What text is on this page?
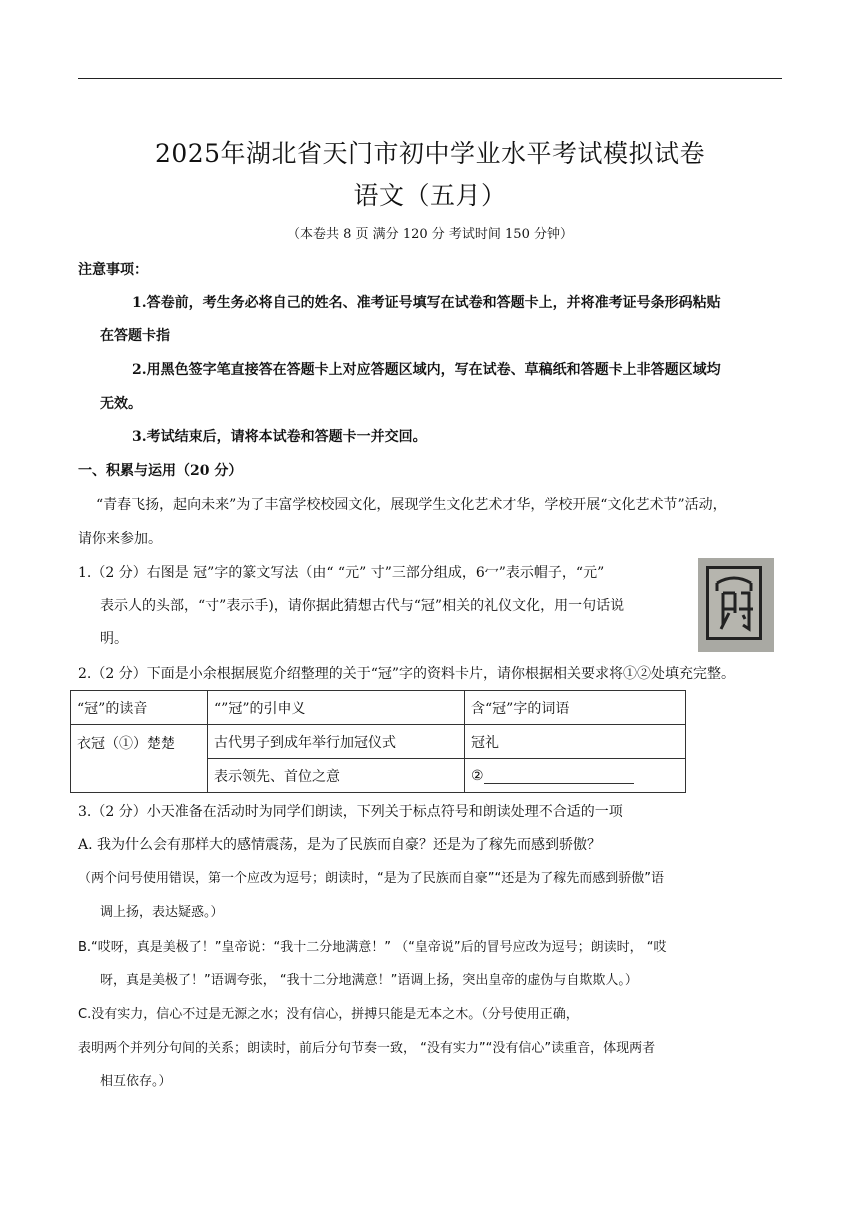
2025年湖北省天门市初中学业水平考试模拟试卷
语文（五月）
（本卷共 8 页 满分 120 分 考试时间 150 分钟）
注意事项：
1.答卷前，考生务必将自己的姓名、准考证号填写在试卷和答题卡上，并将准考证号条形码粘贴
在答题卡指
2.用黑色签字笔直接答在答题卡上对应答题区域内，写在试卷、草稿纸和答题卡上非答题区域均
无效。
3.考试结束后，请将本试卷和答题卡一并交回。
一、积累与运用（20 分）
“青春飞扬，起向未来”为了丰富学校校园文化，展现学生文化艺术才华，学校开展“文化艺术节”活动，
请你来参加。
1.（2 分）右图是 冠”字的篆文写法（由“ “元” 寸”三部分组成，6⼍”表示帽子，“元”
表示人的头部，“寸”表示手)，请你据此猜想古代与“冠”相关的礼仪文化，用一句话说
明。
2.（2 分）下面是小余根据展览介绍整理的关于“冠”字的资料卡片，请你根据相关要求将①②处填充完整。
“冠”的读音	“”冠”的引申义	含“冠”字的词语
衣冠（①）楚楚	古代男子到成年举行加冠仪式	冠礼
	表示领先、首位之意	②
3.（2 分）小天准备在活动时为同学们朗读，下列关于标点符号和朗读处理不合适的一项
A. 我为什么会有那样大的感情震荡，是为了民族而自豪？还是为了稼先而感到骄傲？
（两个问号使用错误，第一个应改为逗号；朗读时，“是为了民族而自豪”“还是为了稼先而感到骄傲”语
调上扬，表达疑惑。）
B.“哎呀，真是美极了！”皇帝说：“我十二分地满意！” （“皇帝说”后的冒号应改为逗号；朗读时， “哎
呀，真是美极了！”语调夸张， “我十二分地满意！”语调上扬，突出皇帝的虚伪与自欺欺人。）
C.没有实力，信心不过是无源之水；没有信心，拼搏只能是无本之木。（分号使用正确，
表明两个并列分句间的关系；朗读时，前后分句节奏一致， “没有实力”“没有信心”读重音，体现两者
相互依存。）
